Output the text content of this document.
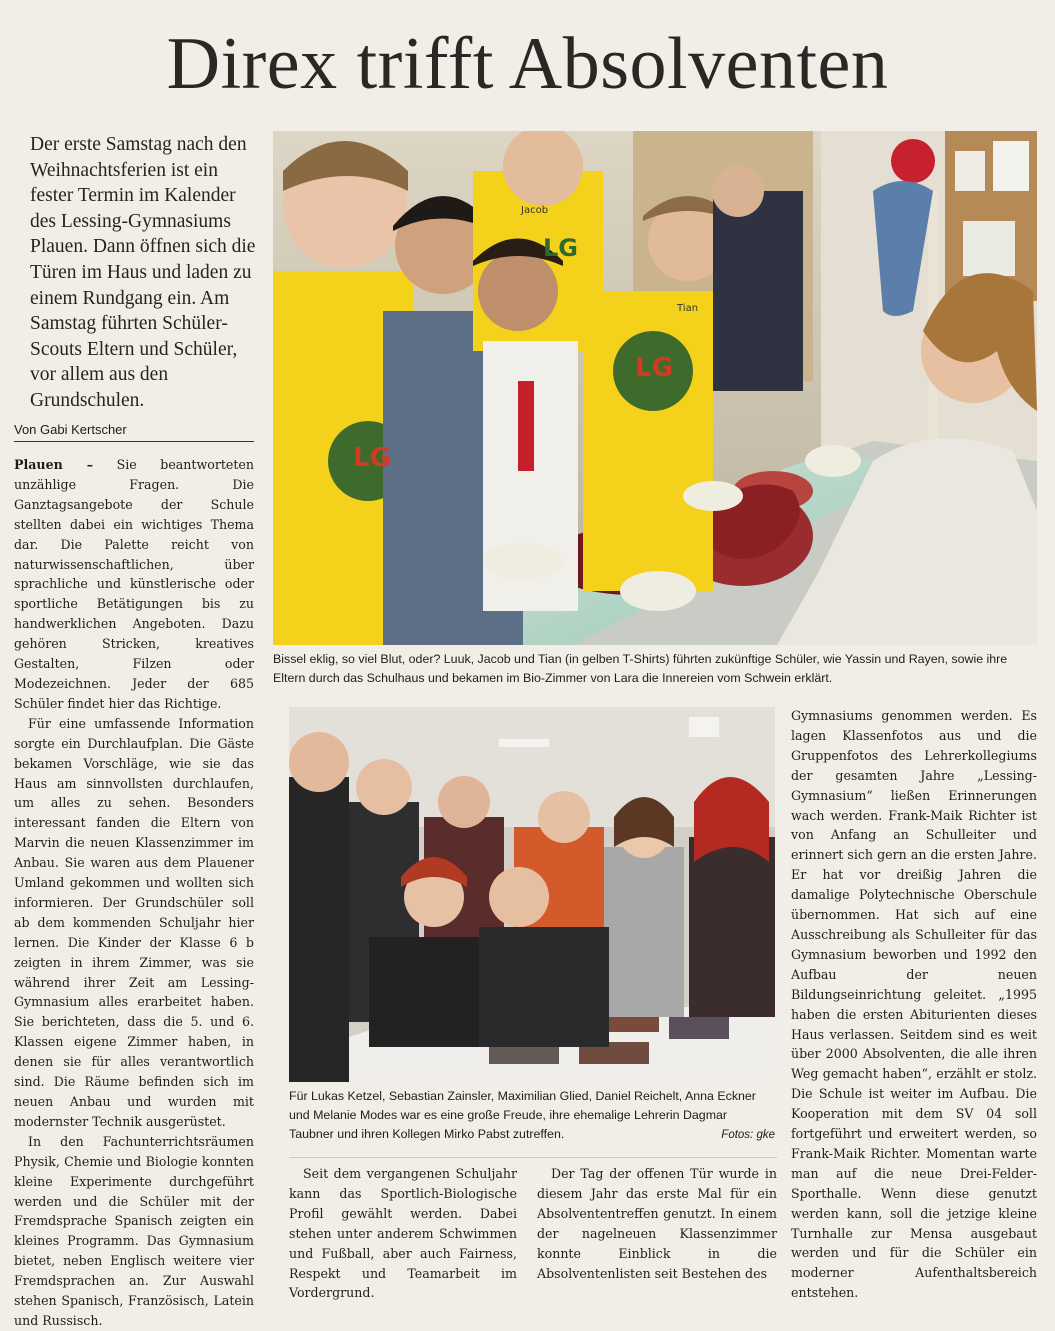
Direx trifft Absolventen

Der erste Samstag nach den Weihnachtsferien ist ein fester Termin im Kalender des Lessing-Gymnasiums Plauen. Dann öffnen sich die Türen im Haus und laden zu einem Rundgang ein. Am Samstag führten Schüler-Scouts Eltern und Schüler, vor allem aus den Grundschulen.

Von Gabi Kertscher

Plauen – Sie beantworteten unzählige Fragen. Die Ganztagsangebote der Schule stellten dabei ein wichtiges Thema dar. Die Palette reicht von naturwissenschaftlichen, über sprachliche und künstlerische oder sportliche Betätigungen bis zu handwerklichen Angeboten. Dazu gehören Stricken, kreatives Gestalten, Filzen oder Modezeichnen. Jeder der 685 Schüler findet hier das Richtige.

Für eine umfassende Information sorgte ein Durchlaufplan. Die Gäste bekamen Vorschläge, wie sie das Haus am sinnvollsten durchlaufen, um alles zu sehen. Besonders interessant fanden die Eltern von Marvin die neuen Klassenzimmer im Anbau. Sie waren aus dem Plauener Umland gekommen und wollten sich informieren. Der Grundschüler soll ab dem kommenden Schuljahr hier lernen. Die Kinder der Klasse 6 b zeigten in ihrem Zimmer, was sie während ihrer Zeit am Lessing-Gymnasium alles erarbeitet haben. Sie berichteten, dass die 5. und 6. Klassen eigene Zimmer haben, in denen sie für alles verantwortlich sind. Die Räume befinden sich im neuen Anbau und wurden mit modernster Technik ausgerüstet.

In den Fachunterrichtsräumen Physik, Chemie und Biologie konnten kleine Experimente durchgeführt werden und die Schüler mit der Fremdsprache Spanisch zeigten ein kleines Programm. Das Gymnasium bietet, neben Englisch weitere vier Fremdsprachen an. Zur Auswahl stehen Spanisch, Französisch, Latein und Russisch.

Jacob
Tian
LG
LG
LG
Bissel eklig, so viel Blut, oder? Luuk, Jacob und Tian (in gelben T-Shirts) führten zukünftige Schüler, wie Yassin und Rayen, sowie ihre Eltern durch das Schulhaus und bekamen im Bio-Zimmer von Lara die Innereien vom Schwein erklärt.
Für Lukas Ketzel, Sebastian Zainsler, Maximilian Glied, Daniel Reichelt, Anna Eckner und Melanie Modes war es eine große Freude, ihre ehemalige Lehrerin Dagmar Taubner und ihren Kollegen Mirko Pabst zutreffen.	Fotos: gke

Seit dem vergangenen Schuljahr kann das Sportlich-Biologische Profil gewählt werden. Dabei stehen unter anderem Schwimmen und Fußball, aber auch Fairness, Respekt und Teamarbeit im Vordergrund.

Der Tag der offenen Tür wurde in diesem Jahr das erste Mal für ein Absolvententreffen genutzt. In einem der nagelneuen Klassenzimmer konnte Einblick in die Absolventenlisten seit Bestehen des

Gymnasiums genommen werden. Es lagen Klassenfotos aus und die Gruppenfotos des Lehrerkollegiums der gesamten Jahre „Lessing-Gymnasium“ ließen Erinnerungen wach werden. Frank-Maik Richter ist von Anfang an Schulleiter und erinnert sich gern an die ersten Jahre. Er hat vor dreißig Jahren die damalige Polytechnische Oberschule übernommen. Hat sich auf eine Ausschreibung als Schulleiter für das Gymnasium beworben und 1992 den Aufbau der neuen Bildungseinrichtung geleitet. „1995 haben die ersten Abiturienten dieses Haus verlassen. Seitdem sind es weit über 2000 Absolventen, die alle ihren Weg gemacht haben“, erzählt er stolz. Die Schule ist weiter im Aufbau. Die Kooperation mit dem SV 04 soll fortgeführt und erweitert werden, so Frank-Maik Richter. Momentan warte man auf die neue Drei-Felder-Sporthalle. Wenn diese genutzt werden kann, soll die jetzige kleine Turnhalle zur Mensa ausgebaut werden und für die Schüler ein moderner Aufenthaltsbereich entstehen.
